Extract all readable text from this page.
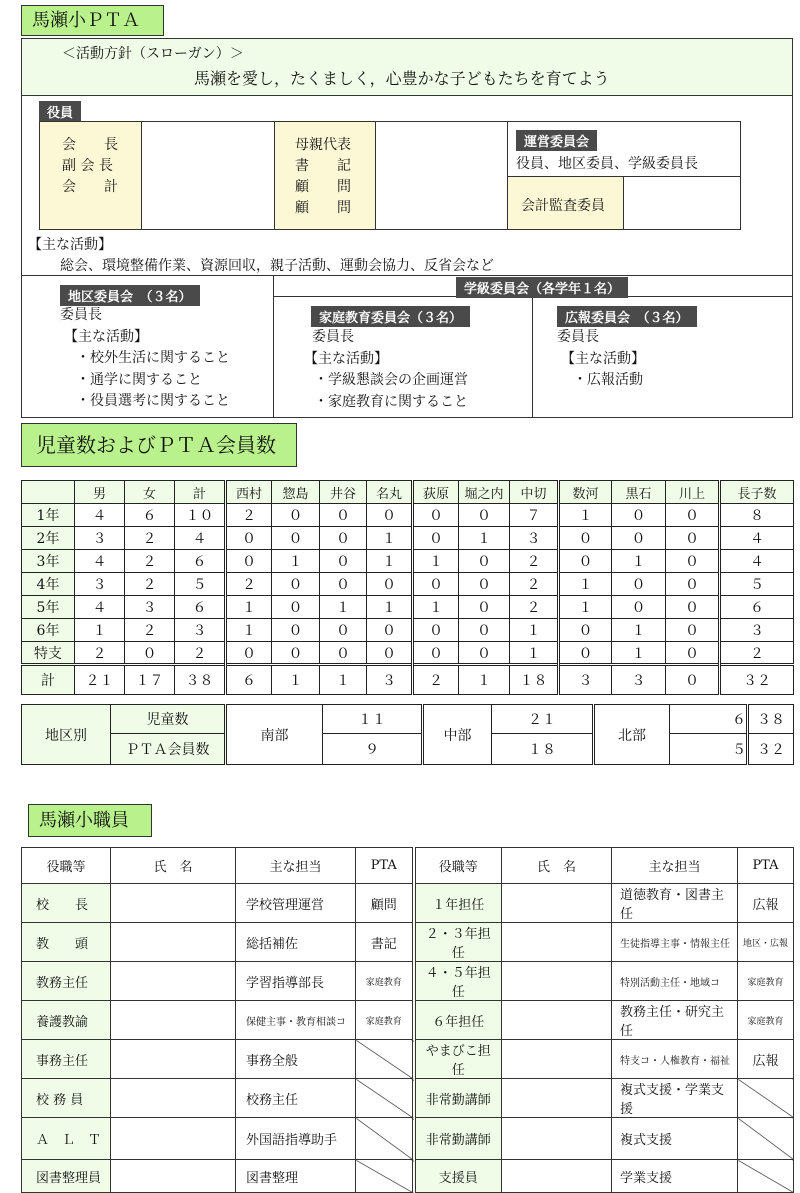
馬瀬小ＰＴＡ
＜活動方針（スローガン）＞
馬瀬を愛し，たくましく，心豊かな子どもたちを育てよう
役員
会　　長
副 会 長
会　　計
母親代表
書　　記
顧　　問
顧　　問
運営委員会
役員、地区委員、学級委員長
会計監査委員
【主な活動】
総会、環境整備作業、資源回収，親子活動、運動会協力、反省会など
地区委員会　（３名）
委員長
【主な活動】
・校外生活に関すること
・通学に関すること
・役員選考に関すること
学級委員会（各学年１名）
家庭教育委員会（３名）
委員長
【主な活動】
・学級懇談会の企画運営
・家庭教育に関すること
広報委員会　（３名）
委員長
【主な活動】
・広報活動
児童数およびＰＴＡ会員数
	男	女	計	西村	惣島	井谷	名丸	荻原	堀之内	中切	数河	黒石	川上	長子数
1年	４	６	１０	２	０	０	０	０	０	７	１	０	０	８
2年	３	２	４	０	０	０	１	０	１	３	０	０	０	４
3年	４	２	６	０	１	０	１	１	０	２	０	１	０	４
4年	３	２	５	２	０	０	０	０	０	２	１	０	０	５
5年	４	３	６	１	０	１	１	１	０	２	１	０	０	６
6年	１	２	３	１	０	０	０	０	０	１	０	１	０	３
特支	２	０	２	０	０	０	０	０	０	１	０	１	０	２
計	２１	１７	３８	６	１	１	３	２	１	１８	３	３	０	３２
地区別	児童数	南部	１１	中部	２１	北部	６	３８
	ＰＴＡ会員数		９		１８		５	３２
馬瀬小職員
役職等	氏　名	主な担当	PTA	役職等	氏　名	主な担当	PTA
校　　長		学校管理運営	顧問	１年担任		道徳教育・図書主任	広報
教　　頭		総括補佐	書記	２・３年担任		生徒指導主事・情報主任	地区・広報
教務主任		学習指導部長	家庭教育	４・５年担任		特別活動主任・地域コ	家庭教育
養護教諭		保健主事・教育相談コ	家庭教育	６年担任		教務主任・研究主任	家庭教育
事務主任		事務全般		やまびこ担任		特支コ・人権教育・福祉	広報
校 務 員		校務主任		非常勤講師		複式支援・学業支援	
Ａ　Ｌ　Ｔ		外国語指導助手		非常勤講師		複式支援	
図書整理員		図書整理		支援員		学業支援	
